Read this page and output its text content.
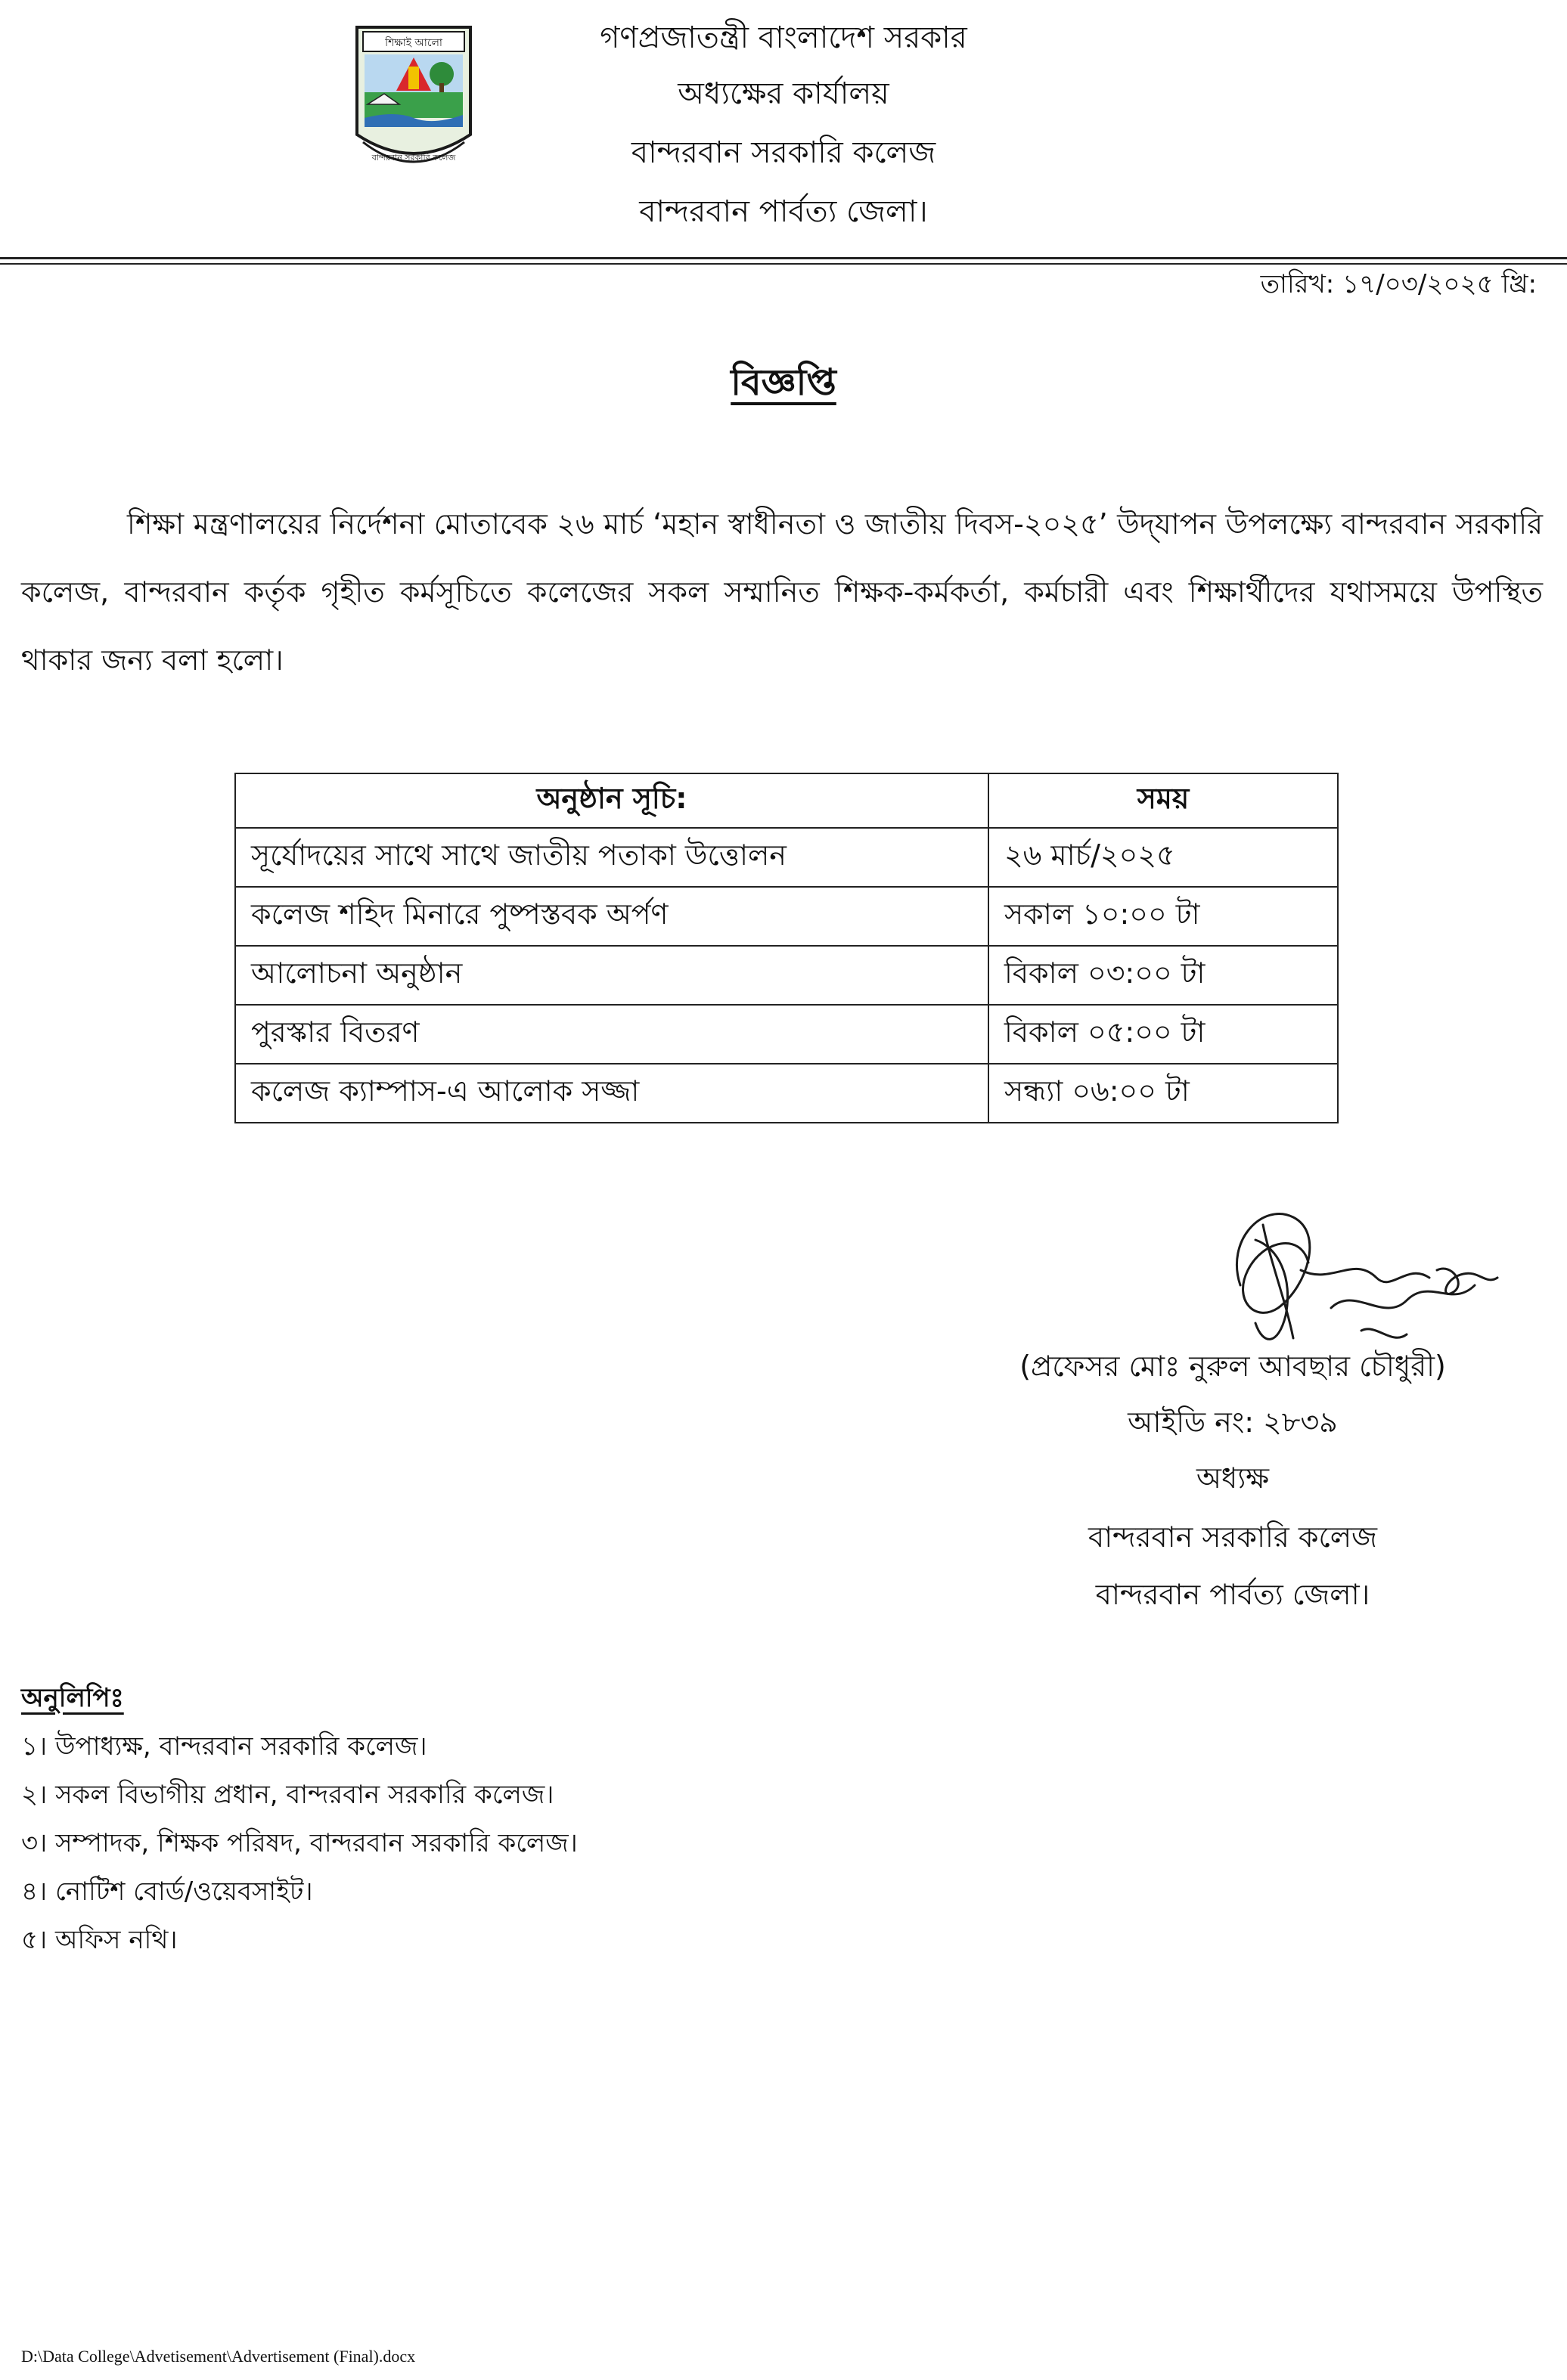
শিক্ষাই আলো
বান্দরবান সরকারি কলেজ
গণপ্রজাতন্ত্রী বাংলাদেশ সরকার
অধ্যক্ষের কার্যালয়
বান্দরবান সরকারি কলেজ
বান্দরবান পার্বত্য জেলা।
তারিখ: ১৭/০৩/২০২৫ খ্রি:
বিজ্ঞপ্তি
শিক্ষা মন্ত্রণালয়ের নির্দেশনা মোতাবেক ২৬ মার্চ ‘মহান স্বাধীনতা ও জাতীয় দিবস-২০২৫’ উদ্‌যাপন উপলক্ষ্যে বান্দরবান সরকারি কলেজ, বান্দরবান কর্তৃক গৃহীত কর্মসূচিতে কলেজের সকল সম্মানিত শিক্ষক-কর্মকর্তা, কর্মচারী এবং শিক্ষার্থীদের যথাসময়ে উপস্থিত থাকার জন্য বলা হলো।
অনুষ্ঠান সূচি:	সময়
সূর্যোদয়ের সাথে সাথে জাতীয় পতাকা উত্তোলন	২৬ মার্চ/২০২৫
কলেজ শহিদ মিনারে পুষ্পস্তবক অর্পণ	সকাল ১০:০০ টা
আলোচনা অনুষ্ঠান	বিকাল ০৩:০০ টা
পুরস্কার বিতরণ	বিকাল ০৫:০০ টা
কলেজ ক্যাম্পাস-এ আলোক সজ্জা	সন্ধ্যা ০৬:০০ টা
(প্রফেসর মোঃ নুরুল আবছার চৌধুরী)
আইডি নং: ২৮৩৯
অধ্যক্ষ
বান্দরবান সরকারি কলেজ
বান্দরবান পার্বত্য জেলা।
অনুলিপিঃ
১। উপাধ্যক্ষ, বান্দরবান সরকারি কলেজ।
২। সকল বিভাগীয় প্রধান, বান্দরবান সরকারি কলেজ।
৩। সম্পাদক, শিক্ষক পরিষদ, বান্দরবান সরকারি কলেজ।
৪। নোটিশ বোর্ড/ওয়েবসাইট।
৫। অফিস নথি।
D:\Data College\Advetisement\Advertisement (Final).docx
